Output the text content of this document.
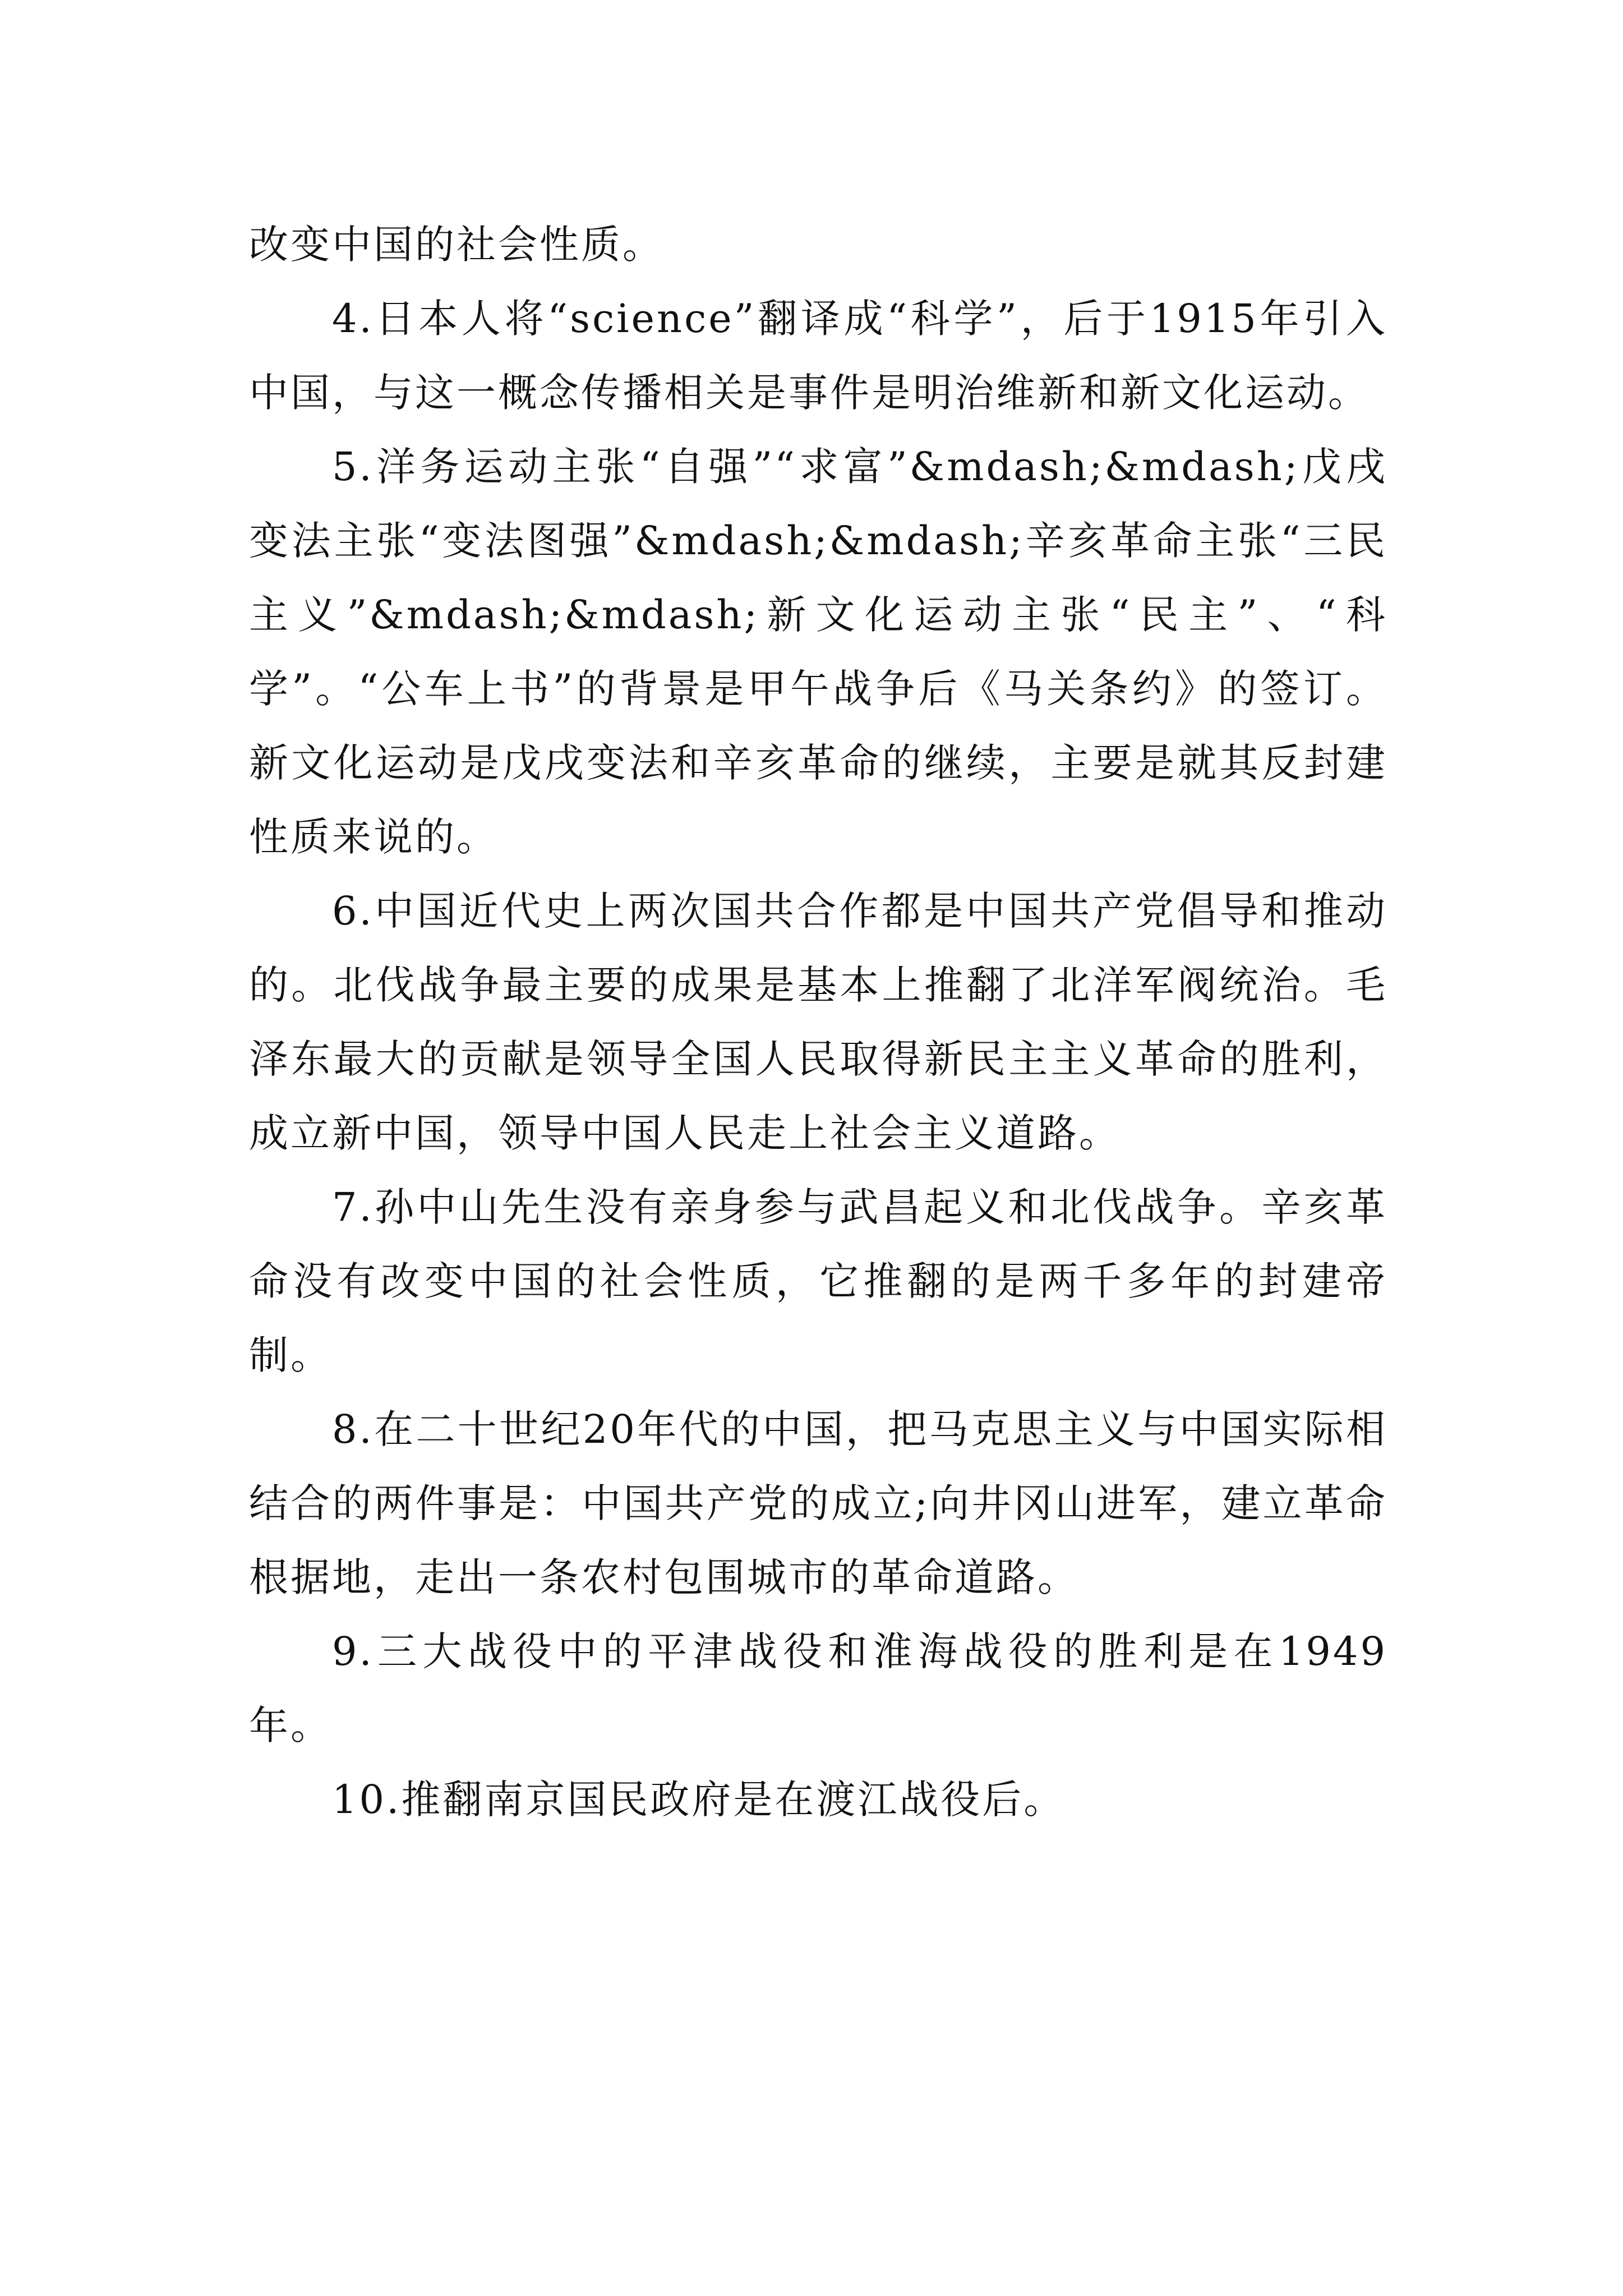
改变中国的社会性质。

4.日本人将“science”翻译成“科学”，后于1915年引入中国，与这一概念传播相关是事件是明治维新和新文化运动。

5.洋务运动主张“自强”“求富”&mdash;&mdash;戊戌变法主张“变法图强”&mdash;&mdash;辛亥革命主张“三民主义”&mdash;&mdash;新文化运动主张“民主”、“科学”。“公车上书”的背景是甲午战争后《马关条约》的签订。新文化运动是戊戌变法和辛亥革命的继续，主要是就其反封建性质来说的。

6.中国近代史上两次国共合作都是中国共产党倡导和推动的。北伐战争最主要的成果是基本上推翻了北洋军阀统治。毛泽东最大的贡献是领导全国人民取得新民主主义革命的胜利，成立新中国，领导中国人民走上社会主义道路。

7.孙中山先生没有亲身参与武昌起义和北伐战争。辛亥革命没有改变中国的社会性质，它推翻的是两千多年的封建帝制。

8.在二十世纪20年代的中国，把马克思主义与中国实际相结合的两件事是：中国共产党的成立;向井冈山进军，建立革命根据地，走出一条农村包围城市的革命道路。

9.三大战役中的平津战役和淮海战役的胜利是在1949年。

10.推翻南京国民政府是在渡江战役后。
